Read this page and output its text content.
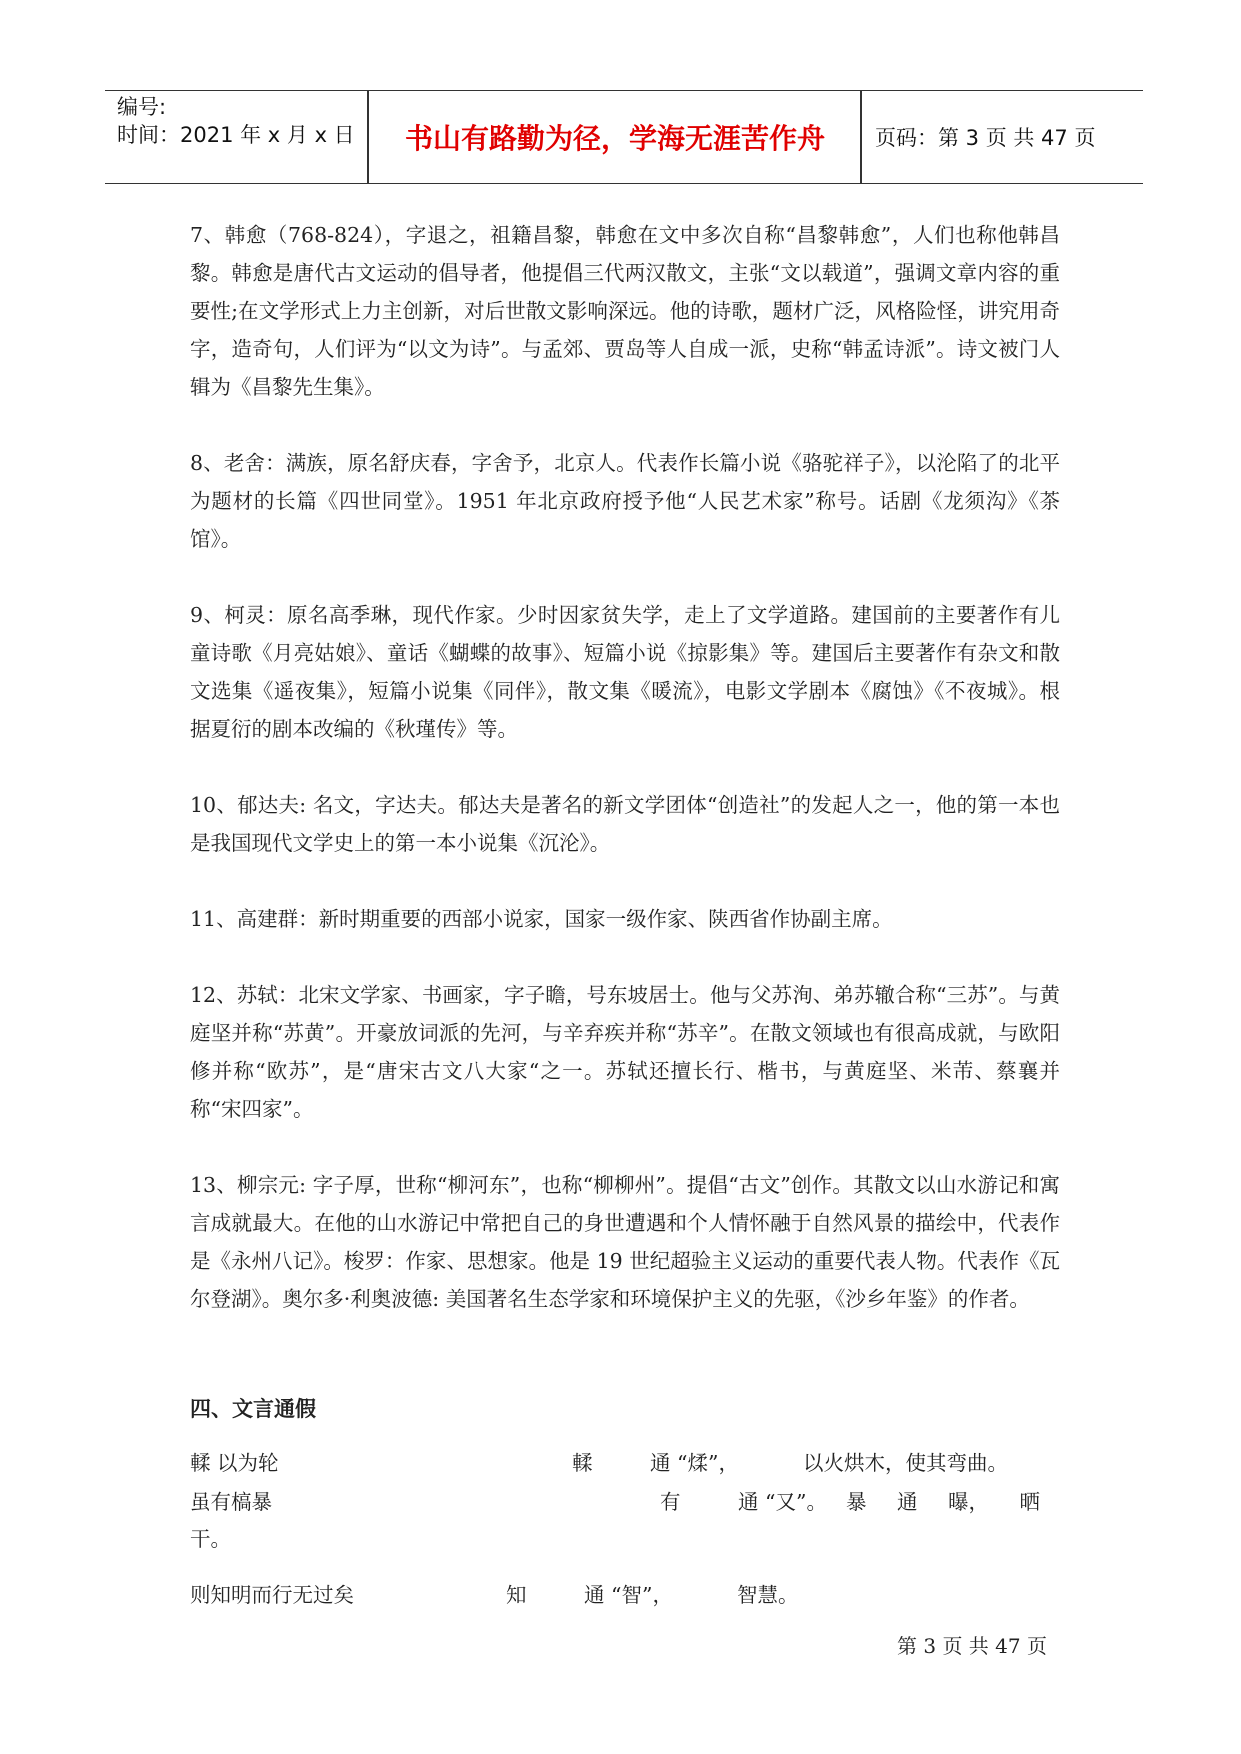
编号:
时间：2021 年 x 月 x 日	书山有路勤为径，学海无涯苦作舟	页码：第 3 页 共 47 页

7、韩愈（768-824），字退之，祖籍昌黎，韩愈在文中多次自称“昌黎韩愈”，人们也称他韩昌黎。韩愈是唐代古文运动的倡导者，他提倡三代两汉散文，主张“文以载道”，强调文章内容的重要性;在文学形式上力主创新，对后世散文影响深远。他的诗歌，题材广泛，风格险怪，讲究用奇字，造奇句，人们评为“以文为诗”。与孟郊、贾岛等人自成一派，史称“韩孟诗派”。诗文被门人辑为《昌黎先生集》。

8、老舍：满族，原名舒庆春，字舍予，北京人。代表作长篇小说《骆驼祥子》，以沦陷了的北平为题材的长篇《四世同堂》。1951 年北京政府授予他“人民艺术家”称号。话剧《龙须沟》《茶馆》。

9、柯灵：原名高季琳，现代作家。少时因家贫失学，走上了文学道路。建国前的主要著作有儿童诗歌《月亮姑娘》、童话《蝴蝶的故事》、短篇小说《掠影集》等。建国后主要著作有杂文和散文选集《遥夜集》，短篇小说集《同伴》，散文集《暖流》，电影文学剧本《腐蚀》《不夜城》。根据夏衍的剧本改编的《秋瑾传》等。

10、郁达夫: 名文，字达夫。郁达夫是著名的新文学团体“创造社”的发起人之一，他的第一本也是我国现代文学史上的第一本小说集《沉沦》。

11、高建群：新时期重要的西部小说家，国家一级作家、陕西省作协副主席。

12、苏轼：北宋文学家、书画家，字子瞻，号东坡居士。他与父苏洵、弟苏辙合称“三苏”。与黄庭坚并称“苏黄”。开豪放词派的先河，与辛弃疾并称“苏辛”。在散文领域也有很高成就，与欧阳修并称“欧苏”，是“唐宋古文八大家“之一。苏轼还擅长行、楷书，与黄庭坚、米芾、蔡襄并称“宋四家”。

13、柳宗元: 字子厚，世称“柳河东”，也称“柳柳州”。提倡“古文”创作。其散文以山水游记和寓言成就最大。在他的山水游记中常把自己的身世遭遇和个人情怀融于自然风景的描绘中，代表作是《永州八记》。梭罗：作家、思想家。他是 19 世纪超验主义运动的重要代表人物。代表作《瓦尔登湖》。奥尔多·利奥波德: 美国著名生态学家和环境保护主义的先驱，《沙乡年鉴》的作者。

四、文言通假
輮 以为轮	輮	通 “煣”，	以火烘木，使其弯曲。
虽有槁暴	有	通 “又”。 暴 通 曝， 晒
干。
则知明而行无过矣	知	通 “智”，	智慧。
第 3 页 共 47 页
